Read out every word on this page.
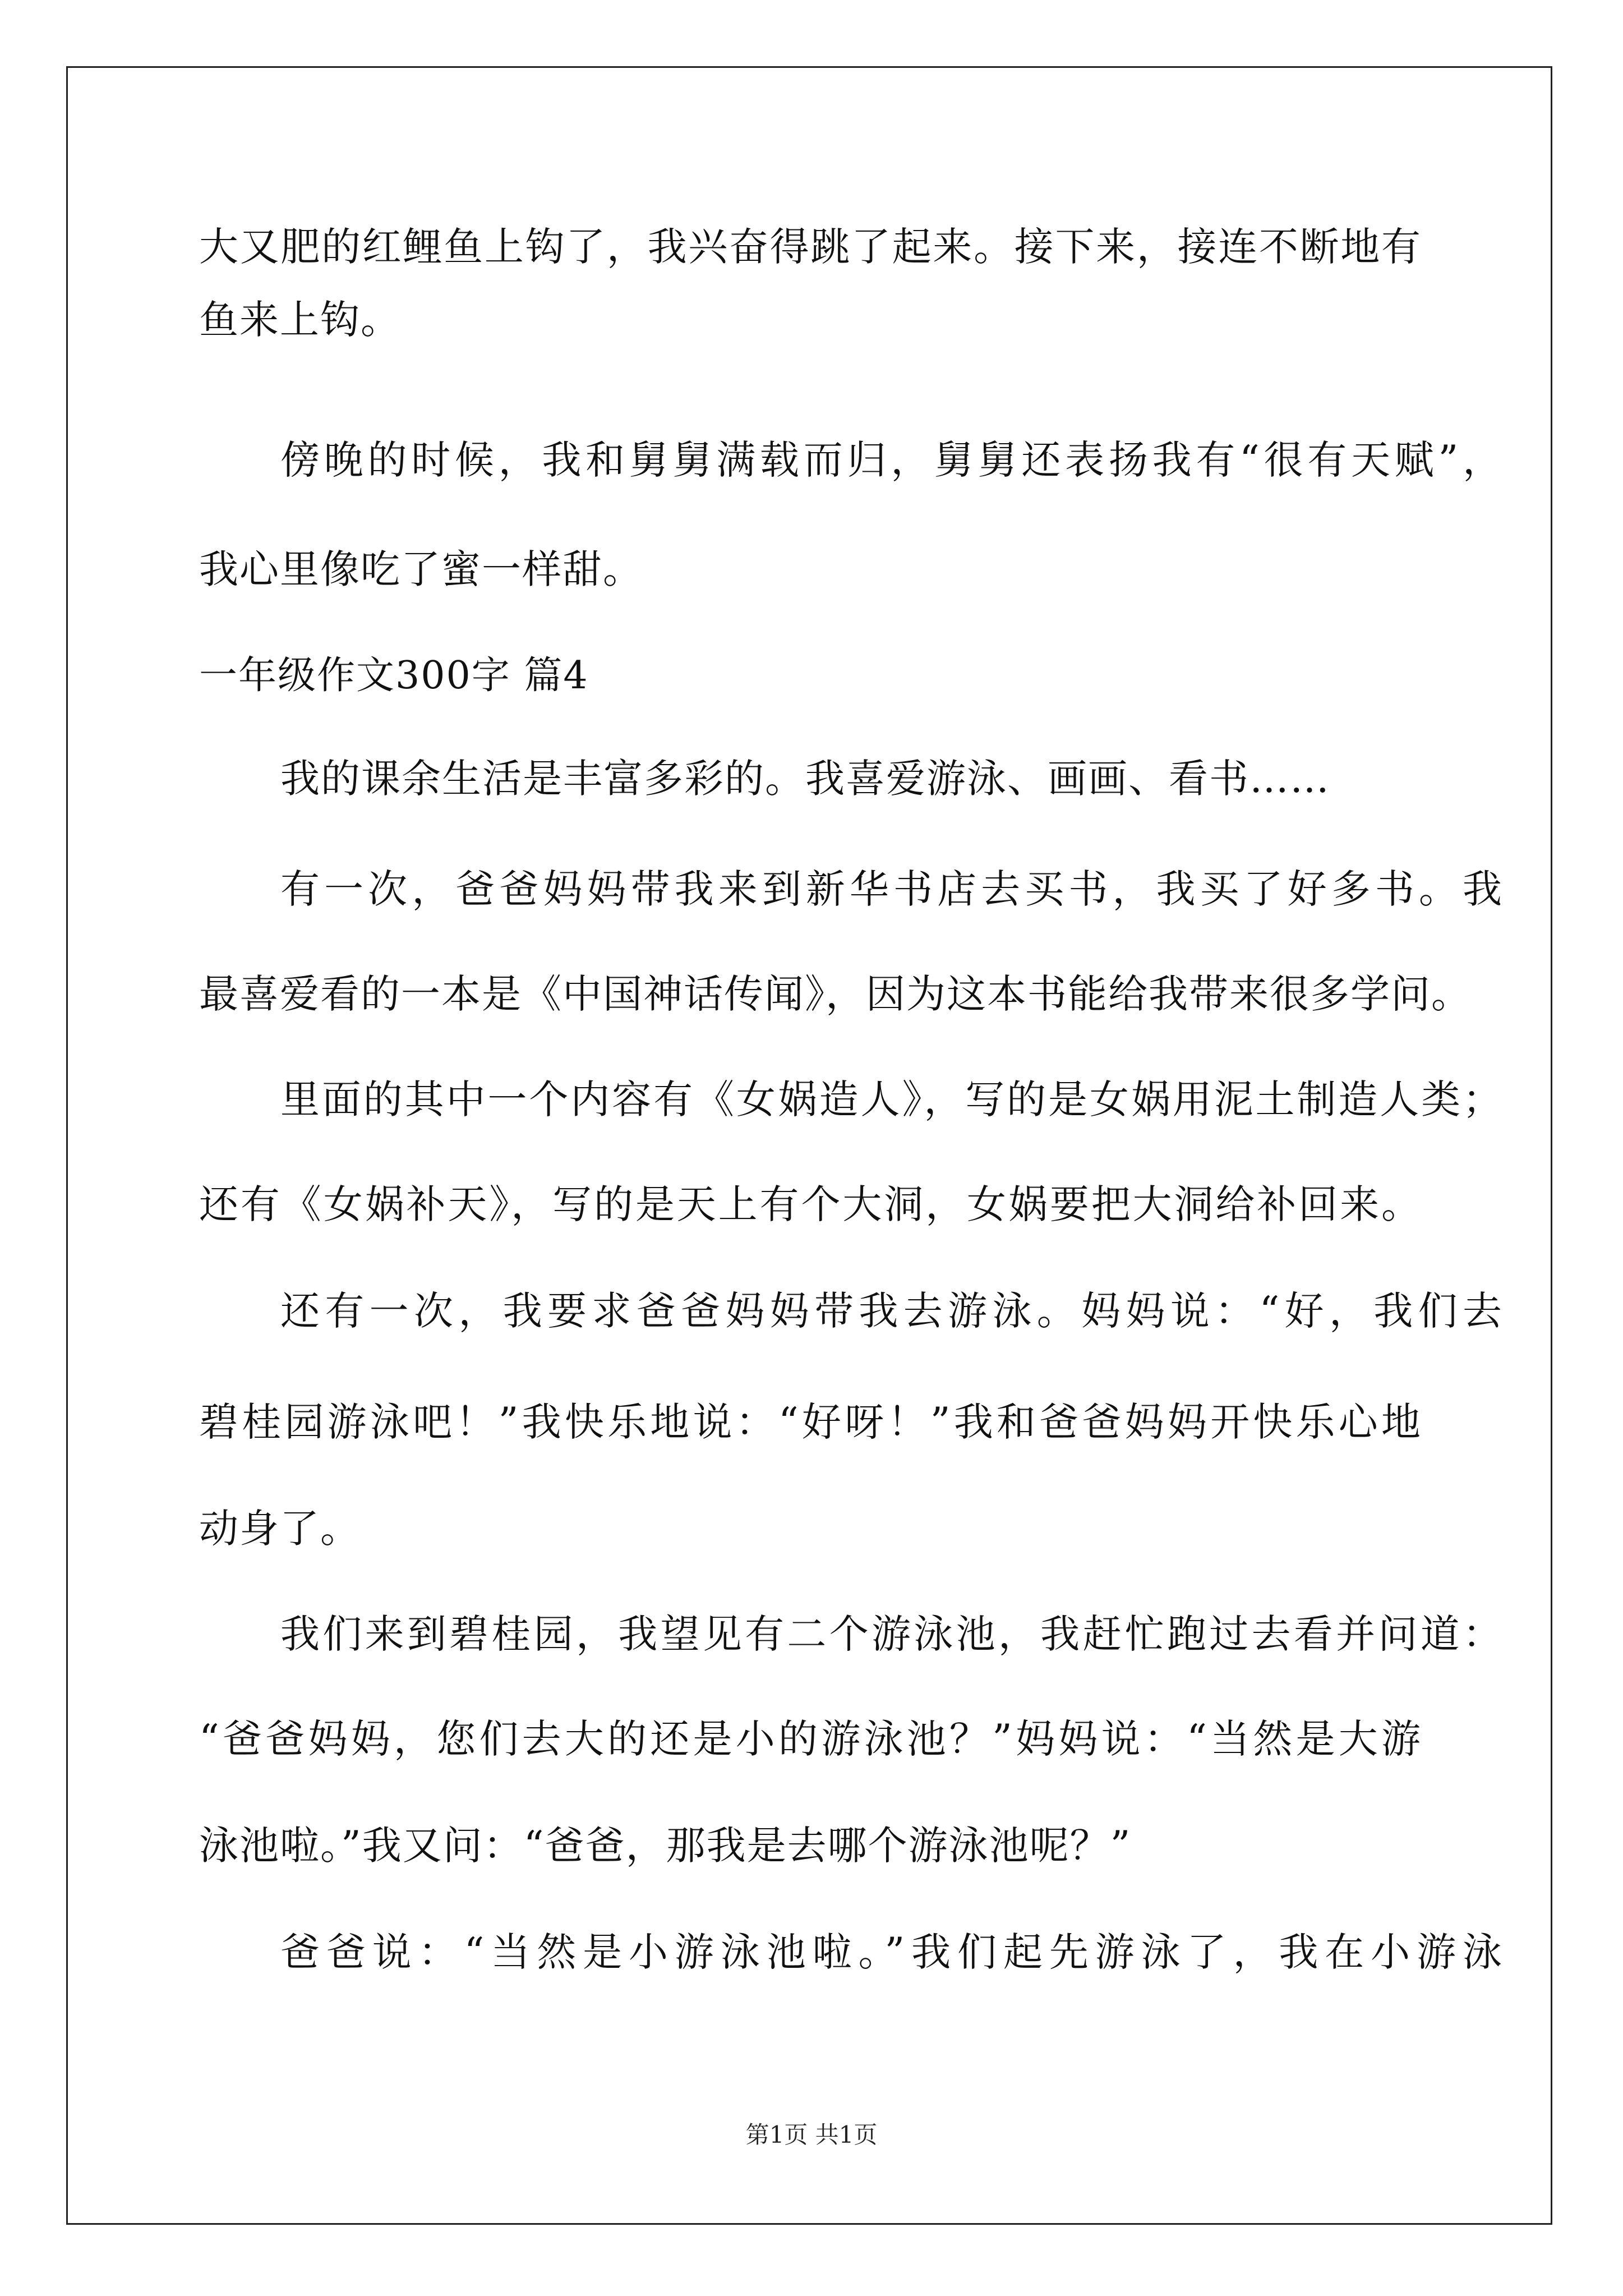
大又肥的红鲤鱼上钩了，我兴奋得跳了起来。接下来，接连不断地有
鱼来上钩。
傍晚的时候，我和舅舅满载而归，舅舅还表扬我有“很有天赋”，
我心里像吃了蜜一样甜。
一年级作文300字 篇4
我的课余生活是丰富多彩的。我喜爱游泳、画画、看书……
有一次，爸爸妈妈带我来到新华书店去买书，我买了好多书。我
最喜爱看的一本是《中国神话传闻》，因为这本书能给我带来很多学问。
里面的其中一个内容有《女娲造人》，写的是女娲用泥土制造人类；
还有《女娲补天》，写的是天上有个大洞，女娲要把大洞给补回来。
还有一次，我要求爸爸妈妈带我去游泳。妈妈说：“好，我们去
碧桂园游泳吧！”我快乐地说：“好呀！”我和爸爸妈妈开快乐心地
动身了。
我们来到碧桂园，我望见有二个游泳池，我赶忙跑过去看并问道：
“爸爸妈妈，您们去大的还是小的游泳池？”妈妈说：“当然是大游
泳池啦。”我又问：“爸爸，那我是去哪个游泳池呢？”
爸爸说：“当然是小游泳池啦。”我们起先游泳了，我在小游泳
第1页 共1页
